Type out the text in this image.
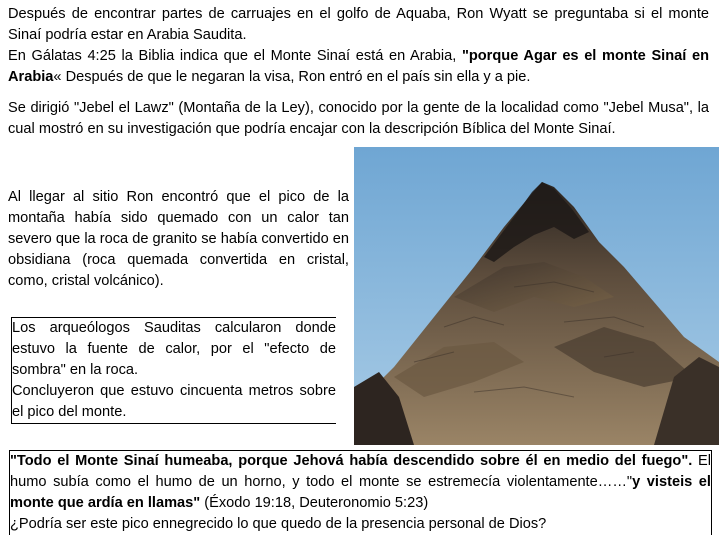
Después de encontrar partes de carruajes en el golfo de Aquaba, Ron Wyatt se preguntaba si el monte Sinaí podría estar en Arabia Saudita.

En Gálatas 4:25 la Biblia indica que el Monte Sinaí está en Arabia, "porque Agar es el monte Sinaí en Arabia« Después de que le negaran la visa, Ron entró en el país sin ella y a pie.

Se dirigió "Jebel el Lawz" (Montaña de la Ley), conocido por la gente de la localidad como "Jebel Musa", la cual mostró en su investigación que podría encajar con la descripción Bíblica del Monte Sinaí.

Al llegar al sitio Ron encontró que el pico de la montaña había sido quemado con un calor tan severo que la roca de granito se había convertido en obsidiana (roca quemada convertida en cristal, como, cristal volcánico).

Los arqueólogos Sauditas calcularon donde estuvo la fuente de calor, por el "efecto de sombra" en la roca.

Concluyeron que estuvo cincuenta metros sobre el pico del monte.

"Todo el Monte Sinaí humeaba, porque Jehová había descendido sobre él en medio del fuego". El humo subía como el humo de un horno, y todo el monte se estremecía violentamente……"y visteis el monte que ardía en llamas" (Éxodo 19:18, Deuteronomio 5:23)

¿Podría ser este pico ennegrecido lo que quedo de la presencia personal de Dios?
